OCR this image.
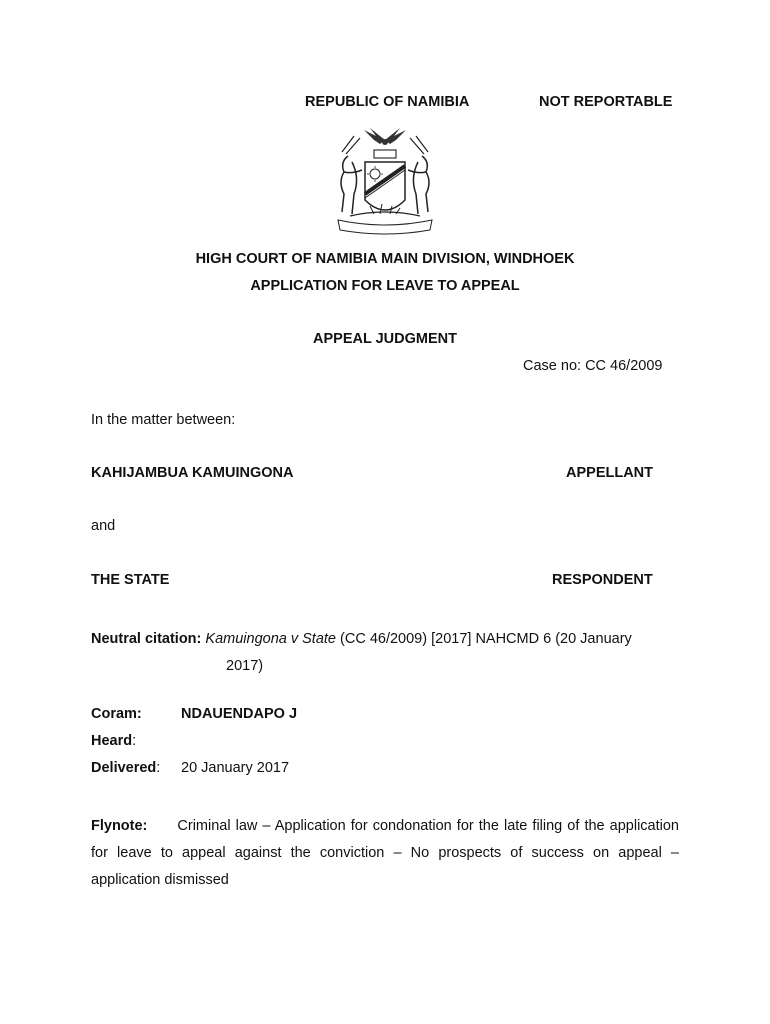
REPUBLIC OF NAMIBIA	NOT REPORTABLE
HIGH COURT OF NAMIBIA MAIN DIVISION, WINDHOEK
APPLICATION FOR LEAVE TO APPEAL
APPEAL JUDGMENT
Case no: CC 46/2009
In the matter between:
KAHIJAMBUA KAMUINGONA	APPELLANT
and
THE STATE	RESPONDENT
Neutral citation: Kamuingona v State (CC 46/2009) [2017] NAHCMD 6 (20 January
2017)
Coram:	NDAUENDAPO J
Heard:
Delivered: 20 January 2017
Flynote: Criminal law – Application for condonation for the late filing of the application for leave to appeal against the conviction – No prospects of success on appeal – application dismissed
